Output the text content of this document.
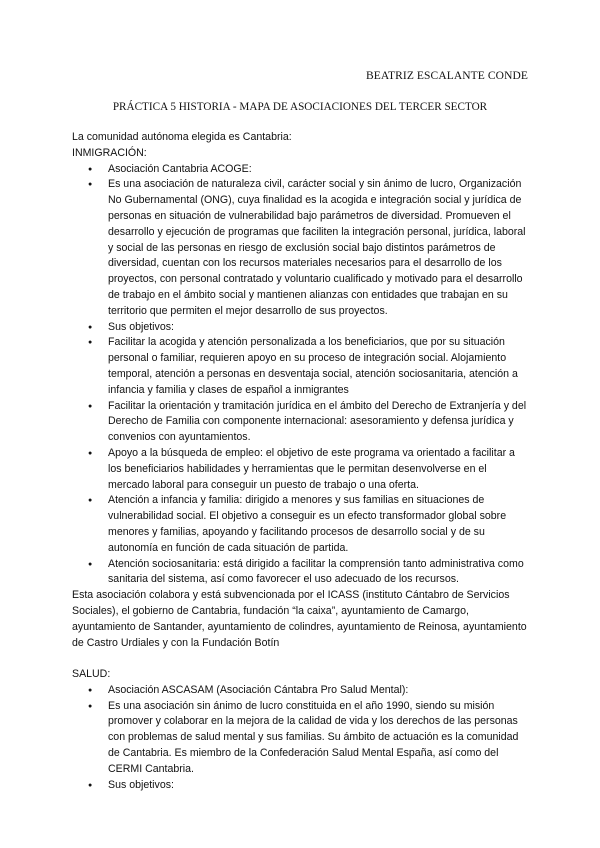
BEATRIZ ESCALANTE CONDE
PRÁCTICA 5 HISTORIA - MAPA DE ASOCIACIONES DEL TERCER SECTOR

La comunidad autónoma elegida es Cantabria:

INMIGRACIÓN:

● Asociación Cantabria ACOGE:
● Es una asociación de naturaleza civil, carácter social y sin ánimo de lucro, Organización No Gubernamental (ONG), cuya finalidad es la acogida e integración social y jurídica de personas en situación de vulnerabilidad bajo parámetros de diversidad. Promueven el desarrollo y ejecución de programas que faciliten la integración personal, jurídica, laboral y social de las personas en riesgo de exclusión social bajo distintos parámetros de diversidad, cuentan con los recursos materiales necesarios para el desarrollo de los proyectos, con personal contratado y voluntario cualificado y motivado para el desarrollo de trabajo en el ámbito social y mantienen alianzas con entidades que trabajan en su territorio que permiten el mejor desarrollo de sus proyectos.
● Sus objetivos:
● Facilitar la acogida y atención personalizada a los beneficiarios, que por su situación personal o familiar, requieren apoyo en su proceso de integración social. Alojamiento temporal, atención a personas en desventaja social, atención sociosanitaria, atención a infancia y familia y clases de español a inmigrantes
● Facilitar la orientación y tramitación jurídica en el ámbito del Derecho de Extranjería y del Derecho de Familia con componente internacional: asesoramiento y defensa jurídica y convenios con ayuntamientos.
● Apoyo a la búsqueda de empleo: el objetivo de este programa va orientado a facilitar a los beneficiarios habilidades y herramientas que le permitan desenvolverse en el mercado laboral para conseguir un puesto de trabajo o una oferta.
● Atención a infancia y familia: dirigido a menores y sus familias en situaciones de vulnerabilidad social. El objetivo a conseguir es un efecto transformador global sobre menores y familias, apoyando y facilitando procesos de desarrollo social y de su autonomía en función de cada situación de partida.
● Atención sociosanitaria: está dirigido a facilitar la comprensión tanto administrativa como sanitaria del sistema, así como favorecer el uso adecuado de los recursos.

Esta asociación colabora y está subvencionada por el ICASS (instituto Cántabro de Servicios Sociales), el gobierno de Cantabria, fundación “la caixa”, ayuntamiento de Camargo, ayuntamiento de Santander, ayuntamiento de colindres, ayuntamiento de Reinosa, ayuntamiento de Castro Urdiales y con la Fundación Botín

SALUD:

● Asociación ASCASAM (Asociación Cántabra Pro Salud Mental):
● Es una asociación sin ánimo de lucro constituida en el año 1990, siendo su misión promover y colaborar en la mejora de la calidad de vida y los derechos de las personas con problemas de salud mental y sus familias. Su ámbito de actuación es la comunidad de Cantabria. Es miembro de la Confederación Salud Mental España, así como del CERMI Cantabria.
● Sus objetivos:
